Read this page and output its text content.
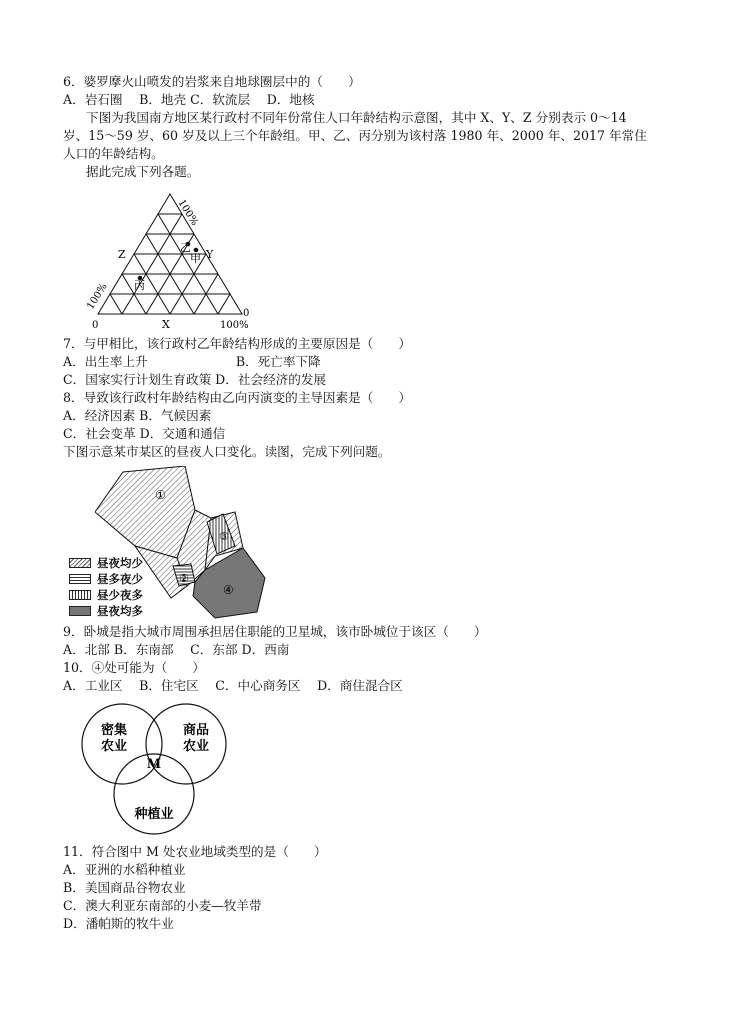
6．婆罗摩火山喷发的岩浆来自地球圈层中的（　　）
A．岩石圈　 B．地壳 C．软流层　 D．地核
下图为我国南方地区某行政村不同年份常住人口年龄结构示意图，其中 X、Y、Z 分别表示 0～14
岁、15～59 岁、60 岁及以上三个年龄组。甲、乙、丙分别为该村落 1980 年、2000 年、2017 年常住
人口的年龄结构。
据此完成下列各题。
乙
甲
丙
Y
Z
X
0
0
100%
100%
100%
7．与甲相比，该行政村乙年龄结构形成的主要原因是（　　）
A．出生率上升　　　　　　　B．死亡率下降
C．国家实行计划生育政策 D．社会经济的发展
8．导致该行政村年龄结构由乙向丙演变的主导因素是（　　）
A．经济因素 B．气候因素
C．社会变革 D．交通和通信
下图示意某市某区的昼夜人口变化。读图，完成下列问题。
①
②
③
④
昼夜均少
昼多夜少
昼少夜多
昼夜均多
9．卧城是指大城市周围承担居住职能的卫星城，该市卧城位于该区（　　）
A．北部 B．东南部　 C．东部 D．西南
10．④处可能为（　　）
A．工业区　 B．住宅区　 C．中心商务区　 D．商住混合区
密集
农业
商品
农业
种植业
M
11．符合图中 M 处农业地域类型的是（　　）
A．亚洲的水稻种植业
B．美国商品谷物农业
C．澳大利亚东南部的小麦—牧羊带
D．潘帕斯的牧牛业
